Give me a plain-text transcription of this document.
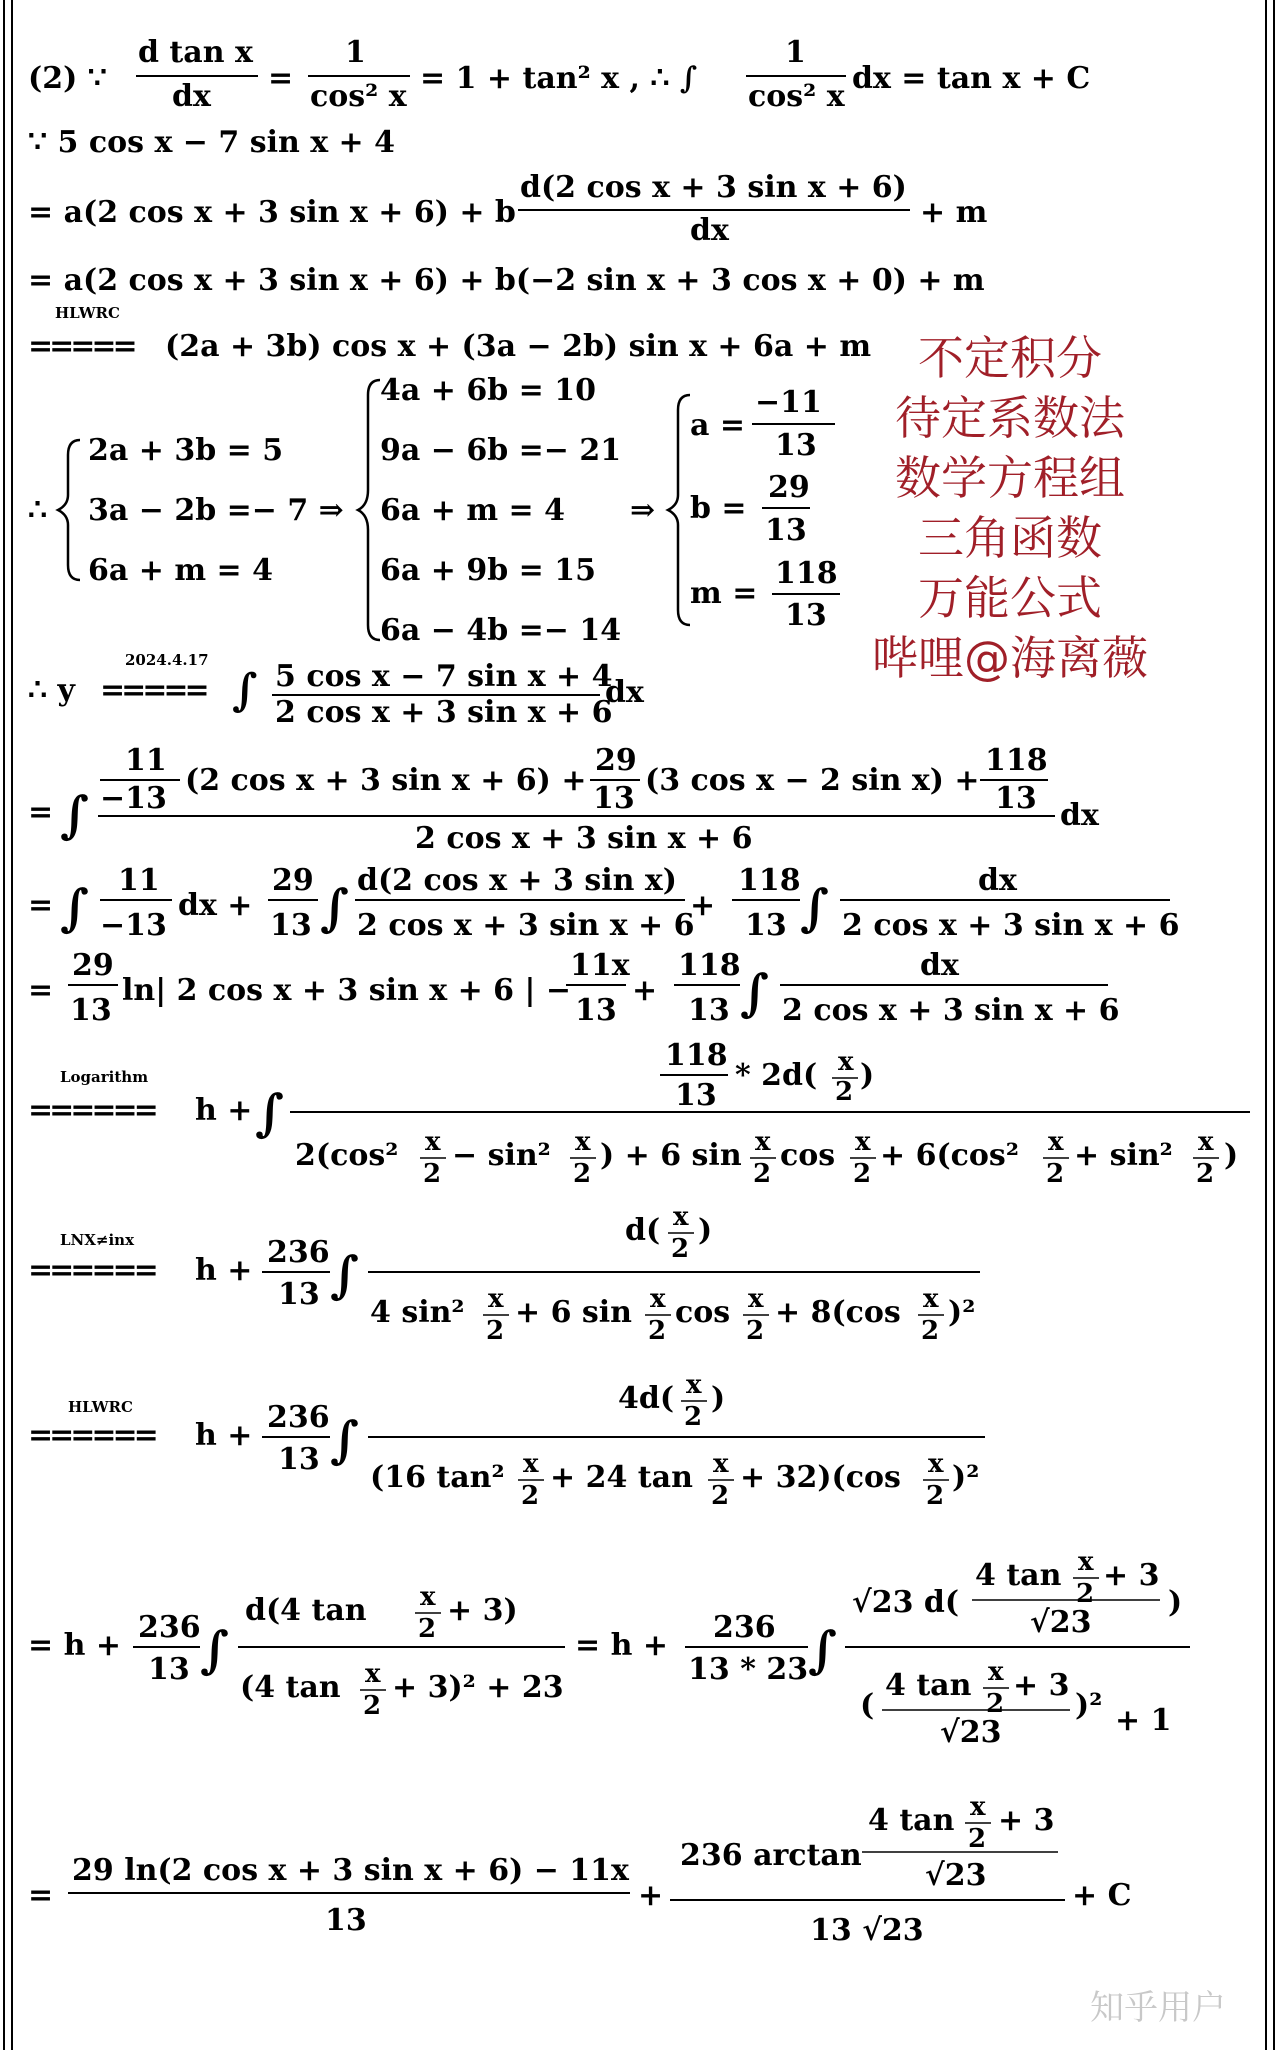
(2) ∵
d tan x
dx
=
1
cos² x
= 1 + tan² x , ∴ ∫
1
cos² x
dx = tan x + C
∵ 5 cos x − 7 sin x + 4
= a(2 cos x + 3 sin x + 6) + b
d(2 cos x + 3 sin x + 6)
dx
+ m
= a(2 cos x + 3 sin x + 6) + b(−2 sin x + 3 cos x + 0) + m
HLWRC
===== (2a + 3b) cos x + (3a − 2b) sin x + 6a + m
∴
2a + 3b = 5
3a − 2b =− 7 ⇒
6a + m = 4
4a + 6b = 10
9a − 6b =− 21
6a + m = 4
6a + 9b = 15
6a − 4b =− 14
⇒
a =
−11
13
b =
29
13
m =
118
13
2024.4.17
∴ y ===== ∫ 5 cos x − 7 sin x + 4
2 cos x + 3 sin x + 6
dx
= ∫
11
−13
(2 cos x + 3 sin x + 6) +
29
13
(3 cos x − 2 sin x) +
118
13
2 cos x + 3 sin x + 6
dx
= ∫ 11
−13
dx +
29
13 ∫ d(2 cos x + 3 sin x)
2 cos x + 3 sin x + 6
+
118
13 ∫	dx
2 cos x + 3 sin x + 6
=
29
13
ln| 2 cos x + 3 sin x + 6 | −
11x
13
+
118
13 ∫	dx
2 cos x + 3 sin x + 6
Logarithm
====== h + ∫
118
13
* 2d( x
2 )
2(cos² x
2
− sin² x
2
) + 6 sin x
2
cos x
2
+ 6(cos² x
2
+ sin² x
2
)
LNX≠inx
====== h +
236
13 ∫
d( x
2
)
4 sin² x
2
+ 6 sin x
2
cos x
2
+ 8(cos x
2
)²
HLWRC
====== h +
236
13 ∫
4d( x
2
)
(16 tan² x
2
+ 24 tan x
2
+ 32)(cos x
2
)²
= h +
236
13 ∫
d(4 tan x
2
+ 3)
(4 tan x
2
+ 3)² + 23
= h +
236
13 * 23 ∫
√23 d(
4 tan x
2
+ 3
√23
)
(
4 tan x
2
+ 3
√23
)² + 1
=
29 ln(2 cos x + 3 sin x + 6) − 11x
13
+
236 arctan
4 tan x
2
+ 3
√23
13 √23
+ C
不定积分
待定系数法
数学方程组
三角函数
万能公式
哔哩@海离薇
知乎用户
